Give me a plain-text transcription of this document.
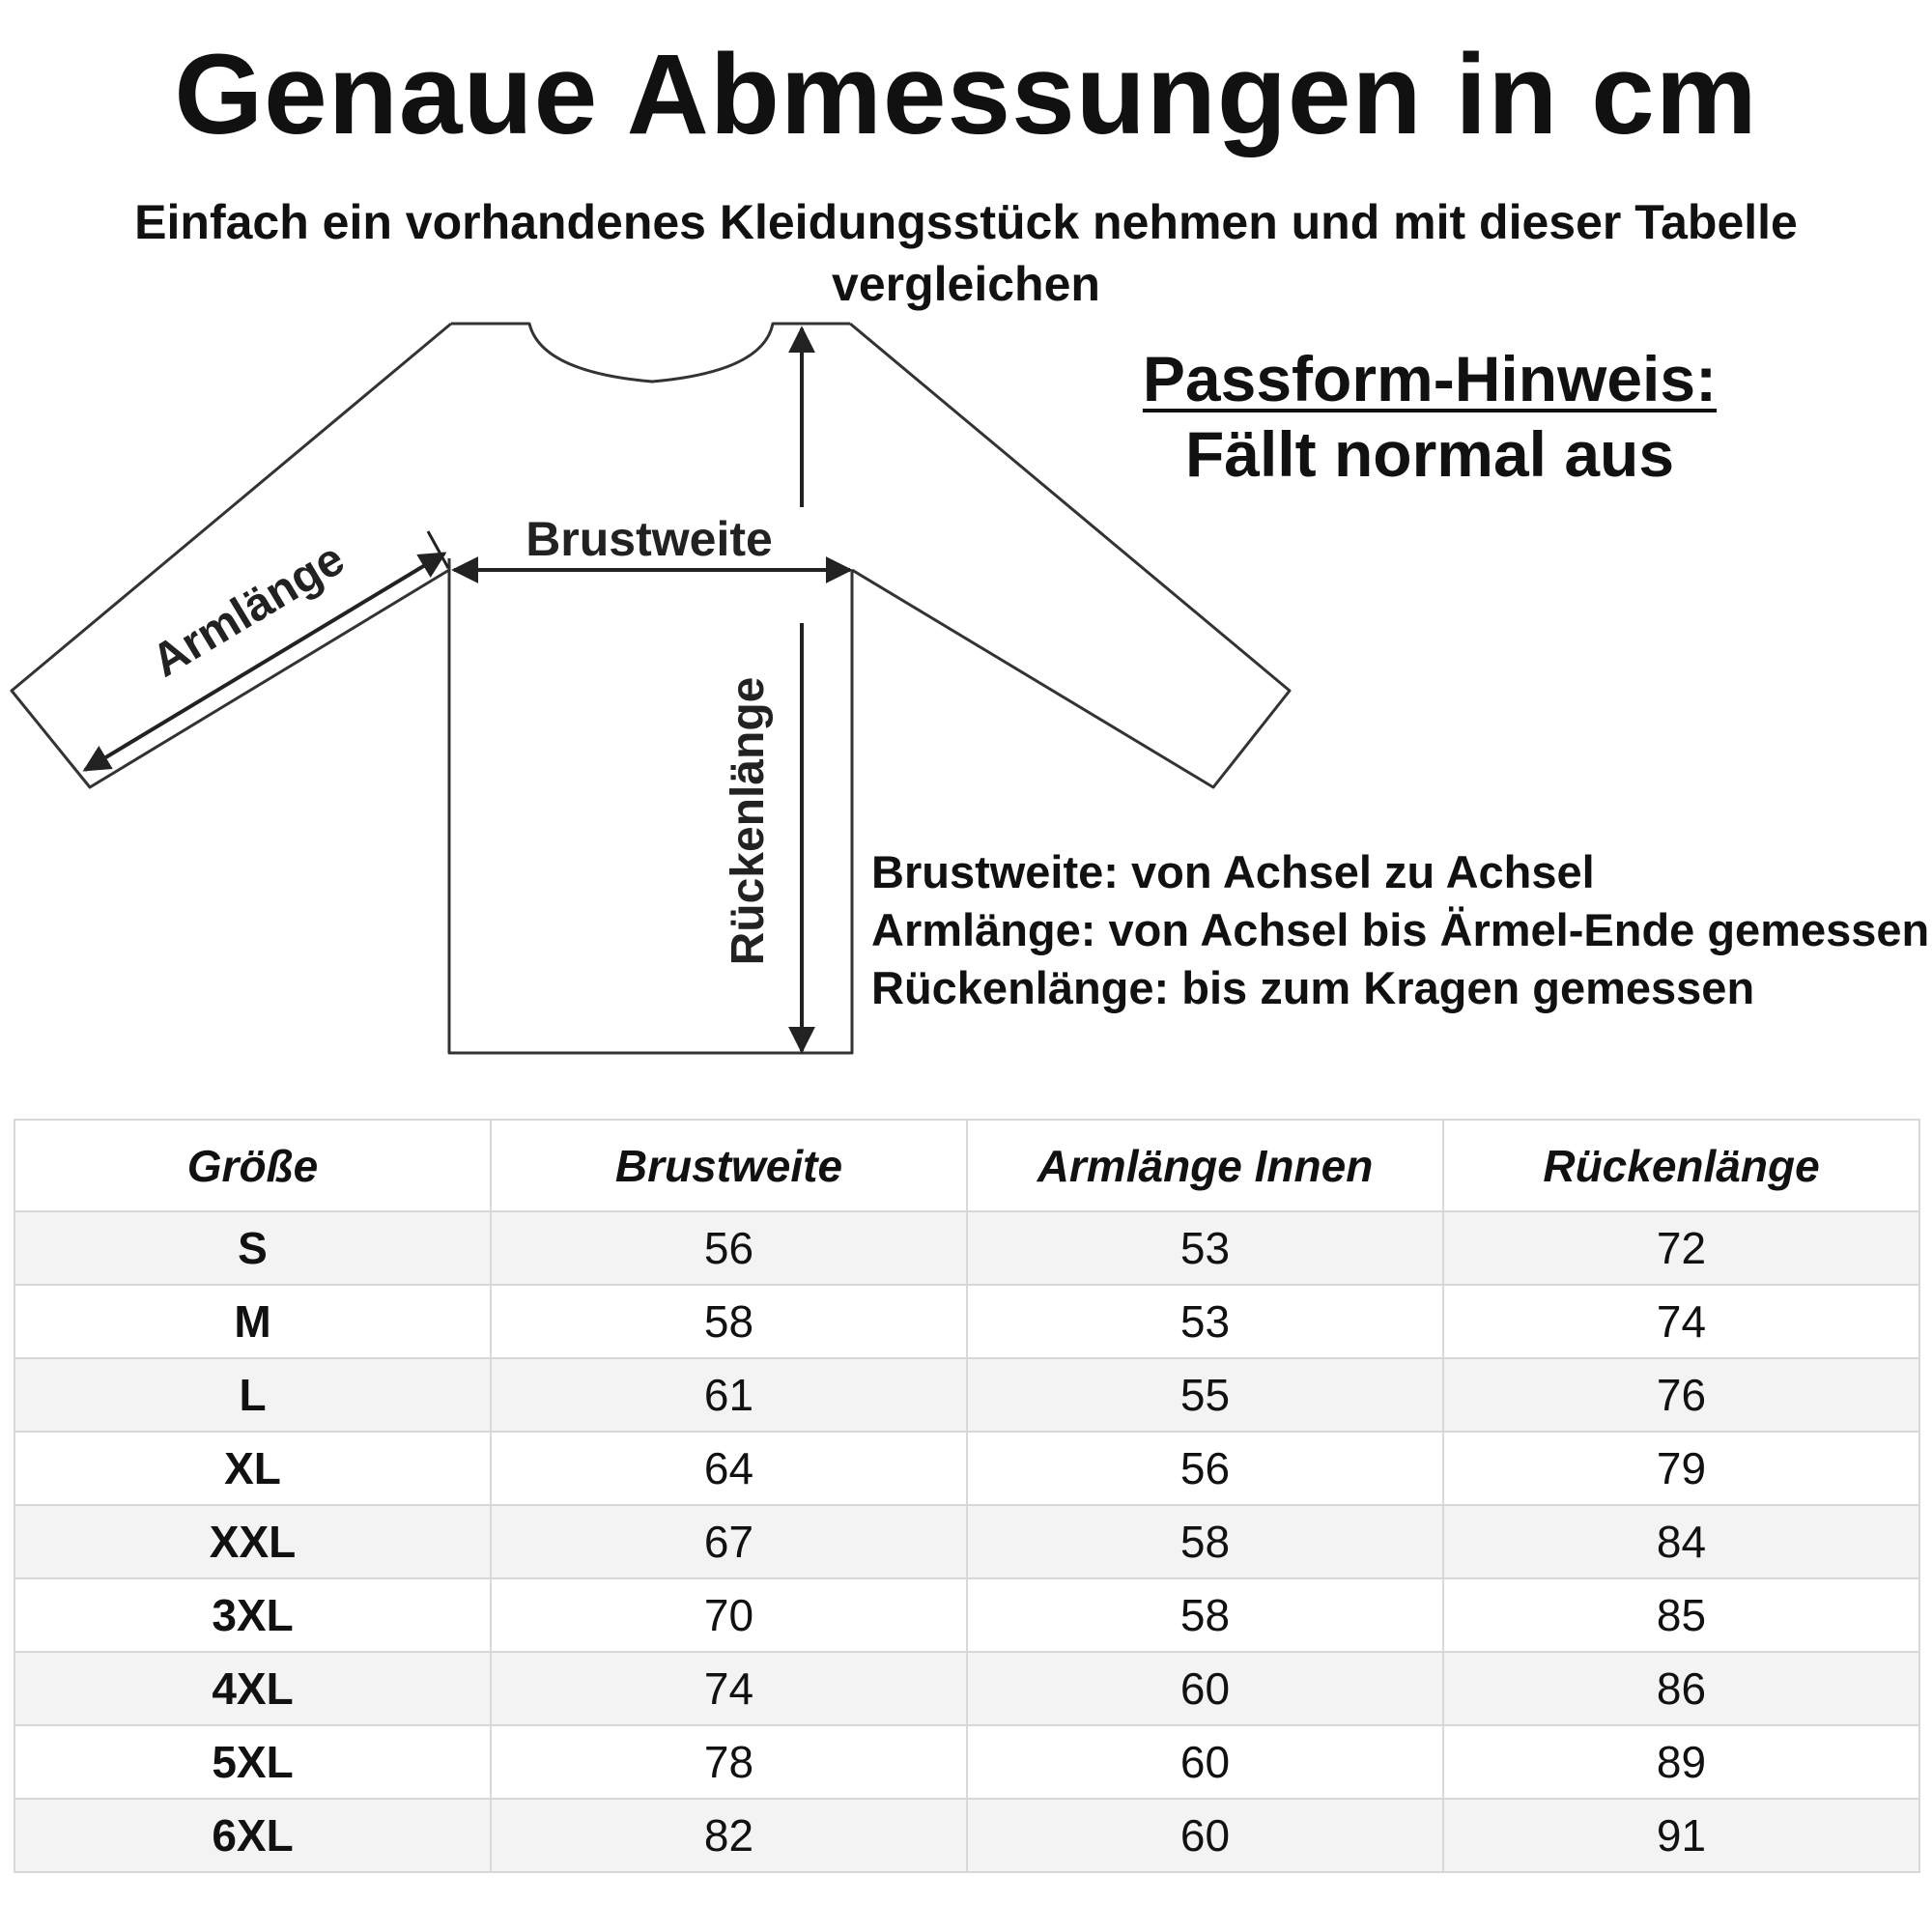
Genaue Abmessungen in cm
Einfach ein vorhandenes Kleidungsstück nehmen und mit dieser Tabelle vergleichen
Brustweite
Armlänge
Rückenlänge
Passform-Hinweis:
Fällt normal aus
Brustweite: von Achsel zu Achsel
Armlänge: von Achsel bis Ärmel-Ende gemessen
Rückenlänge: bis zum Kragen gemessen
Größe	Brustweite	Armlänge Innen	Rückenlänge
S	56	53	72
M	58	53	74
L	61	55	76
XL	64	56	79
XXL	67	58	84
3XL	70	58	85
4XL	74	60	86
5XL	78	60	89
6XL	82	60	91
